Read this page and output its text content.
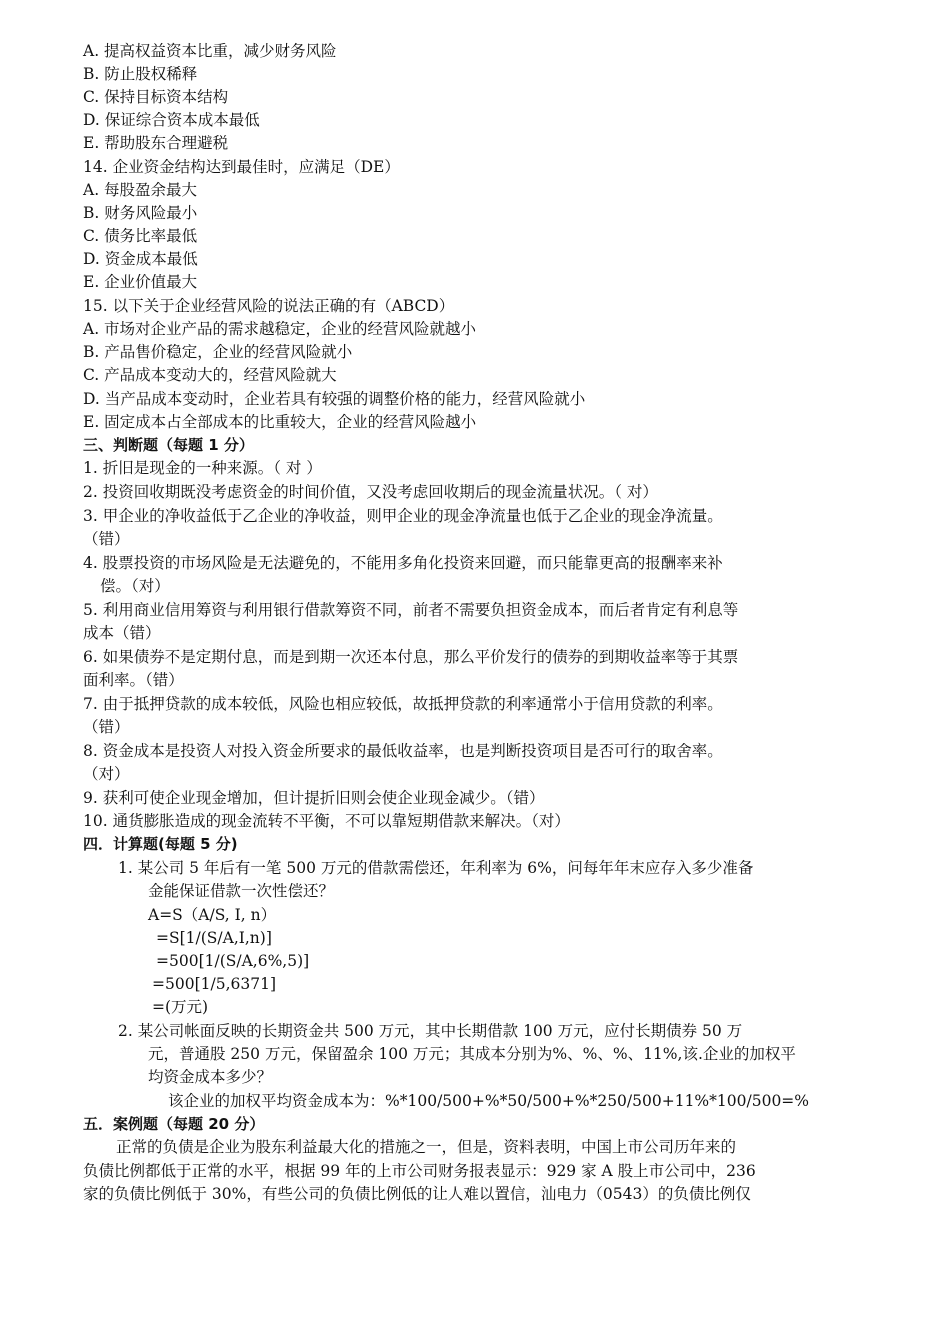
A. 提高权益资本比重，减少财务风险
B. 防止股权稀释
C. 保持目标资本结构
D. 保证综合资本成本最低
E. 帮助股东合理避税
14. 企业资金结构达到最佳时，应满足（DE）
A. 每股盈余最大
B. 财务风险最小
C. 债务比率最低
D. 资金成本最低
E. 企业价值最大
15. 以下关于企业经营风险的说法正确的有（ABCD）
A. 市场对企业产品的需求越稳定，企业的经营风险就越小
B. 产品售价稳定，企业的经营风险就小
C. 产品成本变动大的，经营风险就大
D. 当产品成本变动时，企业若具有较强的调整价格的能力，经营风险就小
E. 固定成本占全部成本的比重较大，企业的经营风险越小
三、判断题（每题 1 分）
1. 折旧是现金的一种来源。（ 对 ）
2. 投资回收期既没考虑资金的时间价值，又没考虑回收期后的现金流量状况。（ 对）
3. 甲企业的净收益低于乙企业的净收益，则甲企业的现金净流量也低于乙企业的现金净流量。
（错）
4. 股票投资的市场风险是无法避免的，不能用多角化投资来回避，而只能靠更高的报酬率来补
偿。（对）
5. 利用商业信用筹资与利用银行借款筹资不同，前者不需要负担资金成本，而后者肯定有利息等
成本（错）
6. 如果债券不是定期付息，而是到期一次还本付息，那么平价发行的债券的到期收益率等于其票
面利率。（错）
7. 由于抵押贷款的成本较低，风险也相应较低，故抵押贷款的利率通常小于信用贷款的利率。
（错）
8. 资金成本是投资人对投入资金所要求的最低收益率，也是判断投资项目是否可行的取舍率。
（对）
9. 获利可使企业现金增加，但计提折旧则会使企业现金减少。（错）
10. 通货膨胀造成的现金流转不平衡，不可以靠短期借款来解决。（对）
四．计算题(每题 5 分)
1. 某公司 5 年后有一笔 500 万元的借款需偿还，年利率为 6%，问每年年末应存入多少准备
金能保证借款一次性偿还？
A=S（A/S, I, n）
=S[1/(S/A,I,n)]
=500[1/(S/A,6%,5)]
=500[1/5,6371]
=(万元)
2. 某公司帐面反映的长期资金共 500 万元，其中长期借款 100 万元，应付长期债券 50 万
元，普通股 250 万元，保留盈余 100 万元；其成本分别为%、%、%、11%,该.企业的加权平
均资金成本多少？
该企业的加权平均资金成本为：%*100/500+%*50/500+%*250/500+11%*100/500=%
五．案例题（每题 20 分）
正常的负债是企业为股东利益最大化的措施之一，但是，资料表明，中国上市公司历年来的
负债比例都低于正常的水平，根据 99 年的上市公司财务报表显示：929 家 A 股上市公司中，236
家的负债比例低于 30%，有些公司的负债比例低的让人难以置信，汕电力（0543）的负债比例仅
